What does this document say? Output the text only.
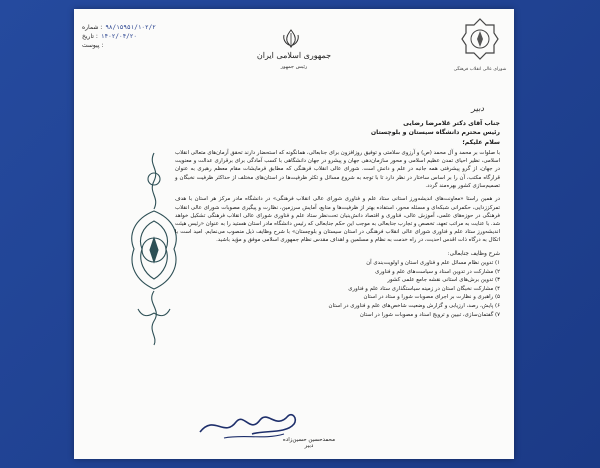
شماره : ۹۸/۱۵۹۵۱/۱۰۲/۲
تاریخ : ۱۴۰۲/۰۴/۲۰
پیوست :
جمهوری اسلامی ایران
رئیس جمهور	شورای عالی انقلاب فرهنگی
دبیر
جناب آقای دکتر غلامرضا رضایی
رئیس محترم دانشگاه سیستان و بلوچستان
سلام علیکم؛

با صلوات بر محمد و آل محمد (ص) و آرزوی سلامتی و توفیق روزافزون برای جنابعالی، همانگونه که استحضار دارند تحقق آرمان‌های متعالی انقلاب اسلامی، نظیر احیای تمدن عظیم اسلامی و محور سازمان‌دهی جهان و پیشرو در جهان دانشگاهی با کسب آمادگی برای برقراری عدالت و معنویت در جهان، از گرو پیشرفتی همه جانبه در علم و دانش است. شورای عالی انقلاب فرهنگی که مطابق فرمایشات مقام معظم رهبری به عنوان قرارگاه مکتب، آن را بر اساس ساختار در نظر دارد تا با توجه به شروع مسائل و تکثر ظرفیت‌ها در استان‌های مختلف از حداکثر ظرفیت نخبگان و تصمیم‌سازی کشور بهره‌مند گردد.

در همین راستا «معاونت‌های اندیشه‌ورز استانی ستاد علم و فناوری شورای عالی انقلاب فرهنگی» در دانشگاه مادر مرکز هر استان با هدف تمرکززدایی، حکمرانی شبکه‌ای و مسئله محور، استفاده بهتر از ظرفیت‌ها و منابع، آمایش سرزمین، نظارت و پیگیری مصوبات شورای عالی انقلاب فرهنگی در حوزه‌های علمی، آموزش عالی، فناوری و اقتصاد دانش‌بنیان تحت‌نظر ستاد علم و فناوری شورای عالی انقلاب فرهنگی تشکیل خواهد شد. با عنایت به مراتب تعهد، تخصص و تجارب جنابعالی به موجب این حکم جنابعالی که رئیس دانشگاه مادر استان هستید را به عنوان «رئیس هیئت اندیشه‌ورز ستاد علم و فناوری شورای عالی انقلاب فرهنگی در استان سیستان و بلوچستان» با شرح وظایف ذیل منصوب می‌نمایم. امید است با اتکال به درگاه ذات اقدس احدیت، در راه خدمت به نظام و مسلمین و اهداف مقدس نظام جمهوری اسلامی موفق و مؤید باشید.

شرح وظایف جنابعالی:
۱) تدوین نظام مسائل علم و فناوری استان و اولویت‌بندی آن
۲) مشارکت در تدوین اسناد و سیاست‌های علم و فناوری
۳) تدوین برش‌های استانی نقشه جامع علمی کشور
۴) مشارکت نخبگان استان در زمینه‌ سیاستگذاری ستاد علم و فناوری
۵) راهبری و نظارت بر اجرای مصوبات شورا و ستاد در استان
۶) پایش، رصد، ارزیابی و گزارش وضعیت شاخص‌های علم و فناوری در استان
۷) گفتمان‌سازی، تبیین و ترویج اسناد و مصوبات شورا در استان
محمدحسین حسین‌زاده
دبیر
